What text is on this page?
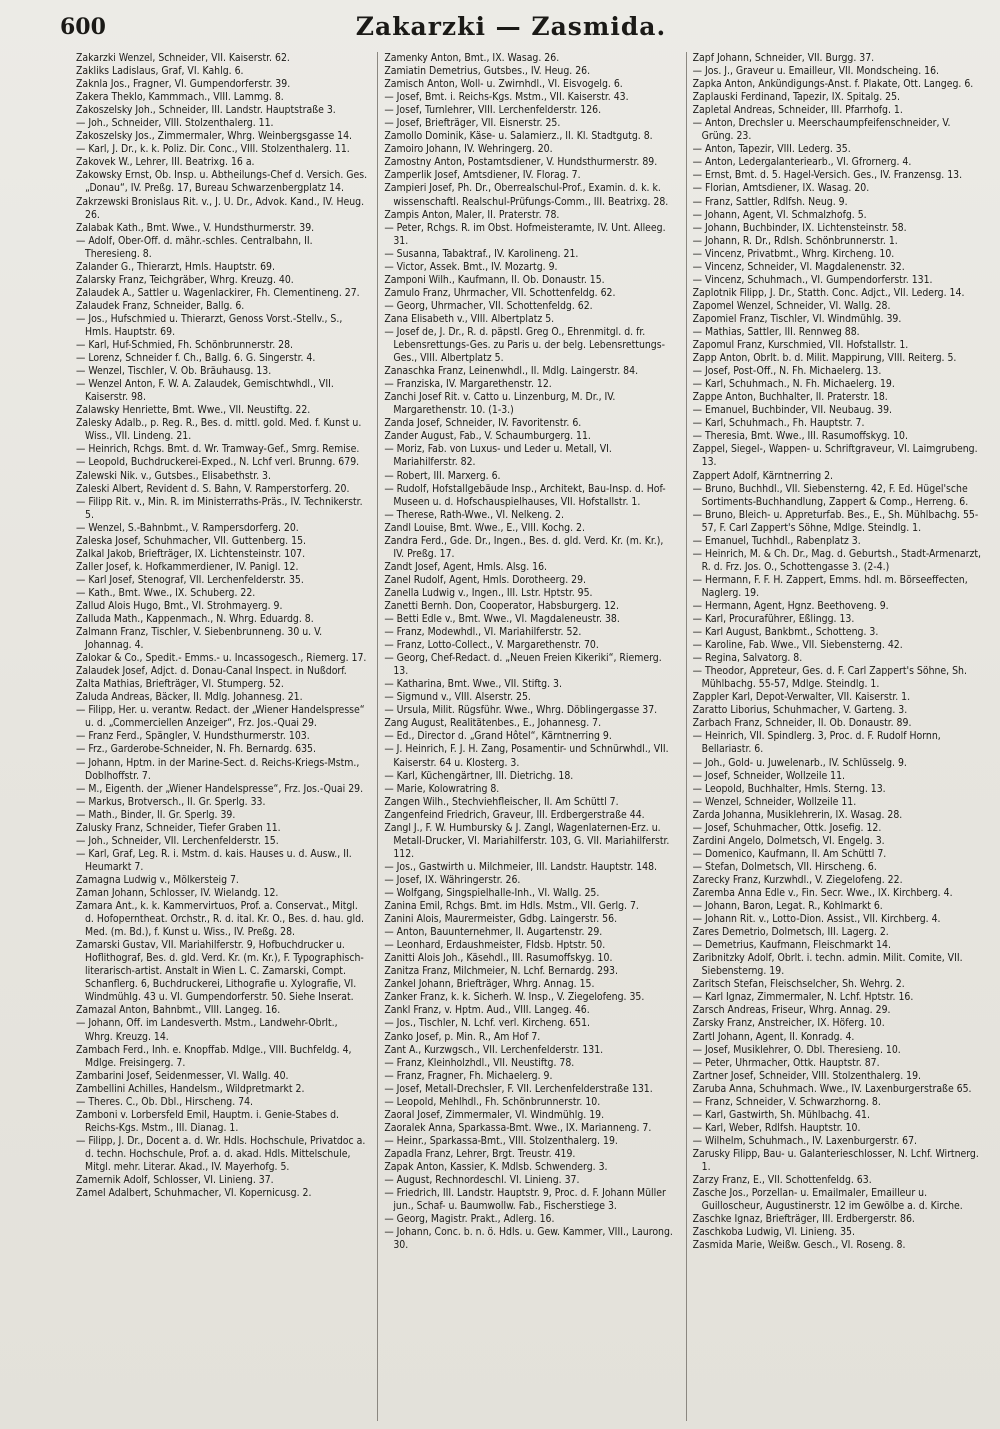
600	Zakarzki — Zasmida.

Zakarzki Wenzel, Schneider, VII. Kaiserstr. 62.

Zakliks Ladislaus, Graf, VI. Kahlg. 6.

Zaknla Jos., Fragner, VI. Gumpendorferstr. 39.

Zakera Theklo, Kammmach., VIII. Lammg. 8.

Zakoszelsky Joh., Schneider, III. Landstr. Hauptstraße 3.

— Joh., Schneider, VIII. Stolzenthalerg. 11.

Zakoszelsky Jos., Zimmermaler, Whrg. Weinbergsgasse 14.

— Karl, J. Dr., k. k. Poliz. Dir. Conc., VIII. Stolzenthalerg. 11.

Zakovek W., Lehrer, III. Beatrixg. 16 a.

Zakowsky Ernst, Ob. Insp. u. Abtheilungs-Chef d. Versich. Ges. „Donau“, IV. Preßg. 17, Bureau Schwarzenbergplatz 14.

Zakrzewski Bronislaus Rit. v., J. U. Dr., Advok. Kand., IV. Heug. 26.

Zalabak Kath., Bmt. Wwe., V. Hundsthurmerstr. 39.

— Adolf, Ober-Off. d. mähr.-schles. Centralbahn, II. Theresieng. 8.

Zalander G., Thierarzt, Hmls. Hauptstr. 69.

Zalarsky Franz, Teichgräber, Whrg. Kreuzg. 40.

Zalaudek A., Sattler u. Wagenlackirer, Fh. Clementineng. 27.

Zalaudek Franz, Schneider, Ballg. 6.

— Jos., Hufschmied u. Thierarzt, Genoss Vorst.-Stellv., S., Hmls. Hauptstr. 69.

— Karl, Huf-Schmied, Fh. Schönbrunnerstr. 28.

— Lorenz, Schneider f. Ch., Ballg. 6. G. Singerstr. 4.

— Wenzel, Tischler, V. Ob. Bräuhausg. 13.

— Wenzel Anton, F. W. A. Zalaudek, Gemischtwhdl., VII. Kaiserstr. 98.

Zalawsky Henriette, Bmt. Wwe., VII. Neustiftg. 22.

Zalesky Adalb., p. Reg. R., Bes. d. mittl. gold. Med. f. Kunst u. Wiss., VII. Lindeng. 21.

— Heinrich, Rchgs. Bmt. d. Wr. Tramway-Gef., Smrg. Remise.

— Leopold, Buchdruckerei-Exped., N. Lchf verl. Brunng. 679.

Zalewski Nik. v., Gutsbes., Elisabethstr. 3.

Zaleski Albert, Revident d. S. Bahn, V. Ramperstorferg. 20.

— Filipp Rit. v., Min. R. im Ministerraths-Präs., IV. Technikerstr. 5.

— Wenzel, S.-Bahnbmt., V. Rampersdorferg. 20.

Zaleska Josef, Schuhmacher, VII. Guttenberg. 15.

Zalkal Jakob, Briefträger, IX. Lichtensteinstr. 107.

Zaller Josef, k. Hofkammerdiener, IV. Panigl. 12.

— Karl Josef, Stenograf, VII. Lerchenfelderstr. 35.

— Kath., Bmt. Wwe., IX. Schuberg. 22.

Zallud Alois Hugo, Bmt., VI. Strohmayerg. 9.

Zalluda Math., Kappenmach., N. Whrg. Eduardg. 8.

Zalmann Franz, Tischler, V. Siebenbrunneng. 30 u. V. Johannag. 4.

Zalokar & Co., Spedit.- Emms.- u. Incassogesch., Riemerg. 17.

Zalaudek Josef, Adjct. d. Donau-Canal Inspect. in Nußdorf.

Zalta Mathias, Briefträger, VI. Stumperg. 52.

Zaluda Andreas, Bäcker, II. Mdlg. Johannesg. 21.

— Filipp, Her. u. verantw. Redact. der „Wiener Handelspresse“ u. d. „Commerciellen Anzeiger“, Frz. Jos.-Quai 29.

— Franz Ferd., Spängler, V. Hundsthurmerstr. 103.

— Frz., Garderobe-Schneider, N. Fh. Bernardg. 635.

— Johann, Hptm. in der Marine-Sect. d. Reichs-Kriegs-Mstm., Doblhoffstr. 7.

— M., Eigenth. der „Wiener Handelspresse“, Frz. Jos.-Quai 29.

— Markus, Brotversch., II. Gr. Sperlg. 33.

— Math., Binder, II. Gr. Sperlg. 39.

Zalusky Franz, Schneider, Tiefer Graben 11.

— Joh., Schneider, VII. Lerchenfelderstr. 15.

— Karl, Graf, Leg. R. i. Mstm. d. kais. Hauses u. d. Ausw., II. Heumarkt 7.

Zamagna Ludwig v., Mölkersteig 7.

Zaman Johann, Schlosser, IV. Wielandg. 12.

Zamara Ant., k. k. Kammervirtuos, Prof. a. Conservat., Mitgl. d. Hofoperntheat. Orchstr., R. d. ital. Kr. O., Bes. d. hau. gld. Med. (m. Bd.), f. Kunst u. Wiss., IV. Preßg. 28.

Zamarski Gustav, VII. Mariahilferstr. 9, Hofbuchdrucker u. Hoflithograf, Bes. d. gld. Verd. Kr. (m. Kr.), F. Typographisch-literarisch-artist. Anstalt in Wien L. C. Zamarski, Compt. Schanflerg. 6, Buchdruckerei, Lithografie u. Xylografie, VI. Windmühlg. 43 u. VI. Gumpendorferstr. 50. Siehe Inserat.

Zamazal Anton, Bahnbmt., VIII. Langeg. 16.

— Johann, Off. im Landesverth. Mstm., Landwehr-Obrlt., Whrg. Kreuzg. 14.

Zambach Ferd., Inh. e. Knopffab. Mdlge., VIII. Buchfeldg. 4, Mdlge. Freisingerg. 7.

Zambarini Josef, Seidenmesser, VI. Wallg. 40.

Zambellini Achilles, Handelsm., Wildpretmarkt 2.

— Theres. C., Ob. Dbl., Hirscheng. 74.

Zamboni v. Lorbersfeld Emil, Hauptm. i. Genie-Stabes d. Reichs-Kgs. Mstm., III. Dianag. 1.

— Filipp, J. Dr., Docent a. d. Wr. Hdls. Hochschule, Privatdoc a. d. techn. Hochschule, Prof. a. d. akad. Hdls. Mittelschule, Mitgl. mehr. Literar. Akad., IV. Mayerhofg. 5.

Zamernik Adolf, Schlosser, VI. Linieng. 37.

Zamel Adalbert, Schuhmacher, VI. Kopernicusg. 2.

Zamenky Anton, Bmt., IX. Wasag. 26.

Zamiatin Demetrius, Gutsbes., IV. Heug. 26.

Zamisch Anton, Woll- u. Zwirnhdl., VI. Eisvogelg. 6.

— Josef, Bmt. i. Reichs-Kgs. Mstm., VII. Kaiserstr. 43.

— Josef, Turnlehrer, VIII. Lerchenfelderstr. 126.

— Josef, Briefträger, VII. Eisnerstr. 25.

Zamollo Dominik, Käse- u. Salamierz., II. Kl. Stadtgutg. 8.

Zamoiro Johann, IV. Wehringerg. 20.

Zamostny Anton, Postamtsdiener, V. Hundsthurmerstr. 89.

Zamperlik Josef, Amtsdiener, IV. Florag. 7.

Zampieri Josef, Ph. Dr., Oberrealschul-Prof., Examin. d. k. k. wissenschaftl. Realschul-Prüfungs-Comm., III. Beatrixg. 28.

Zampis Anton, Maler, II. Praterstr. 78.

— Peter, Rchgs. R. im Obst. Hofmeisteramte, IV. Unt. Alleeg. 31.

— Susanna, Tabaktraf., IV. Karolineng. 21.

— Victor, Assek. Bmt., IV. Mozartg. 9.

Zamponi Wilh., Kaufmann, II. Ob. Donaustr. 15.

Zamulo Franz, Uhrmacher, VII. Schottenfeldg. 62.

— Georg, Uhrmacher, VII. Schottenfeldg. 62.

Zana Elisabeth v., VIII. Albertplatz 5.

— Josef de, J. Dr., R. d. päpstl. Greg O., Ehrenmitgl. d. fr. Lebensrettungs-Ges. zu Paris u. der belg. Lebensrettungs-Ges., VIII. Albertplatz 5.

Zanaschka Franz, Leinenwhdl., II. Mdlg. Laingerstr. 84.

— Franziska, IV. Margarethenstr. 12.

Zanchi Josef Rit. v. Catto u. Linzenburg, M. Dr., IV. Margarethenstr. 10. (1-3.)

Zanda Josef, Schneider, IV. Favoritenstr. 6.

Zander August, Fab., V. Schaumburgerg. 11.

— Moriz, Fab. von Luxus- und Leder u. Metall, VI. Mariahilferstr. 82.

— Robert, III. Marxerg. 6.

— Rudolf, Hofstallgebäude Insp., Architekt, Bau-Insp. d. Hof-Museen u. d. Hofschauspielhauses, VII. Hofstallstr. 1.

— Therese, Rath-Wwe., VI. Nelkeng. 2.

Zandl Louise, Bmt. Wwe., E., VIII. Kochg. 2.

Zandra Ferd., Gde. Dr., Ingen., Bes. d. gld. Verd. Kr. (m. Kr.), IV. Preßg. 17.

Zandt Josef, Agent, Hmls. Alsg. 16.

Zanel Rudolf, Agent, Hmls. Dorotheerg. 29.

Zanella Ludwig v., Ingen., III. Lstr. Hptstr. 95.

Zanetti Bernh. Don, Cooperator, Habsburgerg. 12.

— Betti Edle v., Bmt. Wwe., VI. Magdaleneustr. 38.

— Franz, Modewhdl., VI. Mariahilferstr. 52.

— Franz, Lotto-Collect., V. Margarethenstr. 70.

— Georg, Chef-Redact. d. „Neuen Freien Kikeriki“, Riemerg. 13.

— Katharina, Bmt. Wwe., VII. Stiftg. 3.

— Sigmund v., VIII. Alserstr. 25.

— Ursula, Milit. Rügsführ. Wwe., Whrg. Döblingergasse 37.

Zang August, Realitätenbes., E., Johannesg. 7.

— Ed., Director d. „Grand Hôtel“, Kärntnerring 9.

— J. Heinrich, F. J. H. Zang, Posamentir- und Schnürwhdl., VII. Kaiserstr. 64 u. Klosterg. 3.

— Karl, Küchengärtner, III. Dietrichg. 18.

— Marie, Kolowratring 8.

Zangen Wilh., Stechviehfleischer, II. Am Schüttl 7.

Zangenfeind Friedrich, Graveur, III. Erdbergerstraße 44.

Zangl J., F. W. Humbursky & J. Zangl, Wagenlaternen-Erz. u. Metall-Drucker, VI. Mariahilferstr. 103, G. VII. Mariahilferstr. 112.

— Jos., Gastwirth u. Milchmeier, III. Landstr. Hauptstr. 148.

— Josef, IX. Währingerstr. 26.

— Wolfgang, Singspielhalle-Inh., VI. Wallg. 25.

Zanina Emil, Rchgs. Bmt. im Hdls. Mstm., VII. Gerlg. 7.

Zanini Alois, Maurermeister, Gdbg. Laingerstr. 56.

— Anton, Bauunternehmer, II. Augartenstr. 29.

— Leonhard, Erdaushmeister, Fldsb. Hptstr. 50.

Zanitti Alois Joh., Käsehdl., III. Rasumoffskyg. 10.

Zanitza Franz, Milchmeier, N. Lchf. Bernardg. 293.

Zankel Johann, Briefträger, Whrg. Annag. 15.

Zanker Franz, k. k. Sicherh. W. Insp., V. Ziegelofeng. 35.

Zankl Franz, v. Hptm. Aud., VIII. Langeg. 46.

— Jos., Tischler, N. Lchf. verl. Kircheng. 651.

Zanko Josef, p. Min. R., Am Hof 7.

Zant A., Kurzwgsch., VII. Lerchenfelderstr. 131.

— Franz, Kleinholzhdl., VII. Neustiftg. 78.

— Franz, Fragner, Fh. Michaelerg. 9.

— Josef, Metall-Drechsler, F. VII. Lerchenfelderstraße 131.

— Leopold, Mehlhdl., Fh. Schönbrunnerstr. 10.

Zaoral Josef, Zimmermaler, VI. Windmühlg. 19.

Zaoralek Anna, Sparkassa-Bmt. Wwe., IX. Marianneng. 7.

— Heinr., Sparkassa-Bmt., VIII. Stolzenthalerg. 19.

Zapadla Franz, Lehrer, Brgt. Treustr. 419.

Zapak Anton, Kassier, K. Mdlsb. Schwenderg. 3.

— August, Rechnordeschl. VI. Linieng. 37.

— Friedrich, III. Landstr. Hauptstr. 9, Proc. d. F. Johann Müller jun., Schaf- u. Baumwollw. Fab., Fischerstiege 3.

— Georg, Magistr. Prakt., Adlerg. 16.

— Johann, Conc. b. n. ö. Hdls. u. Gew. Kammer, VIII., Laurong. 30.

Zapf Johann, Schneider, VII. Burgg. 37.

— Jos. J., Graveur u. Emailleur, VII. Mondscheing. 16.

Zapka Anton, Ankündigungs-Anst. f. Plakate, Ott. Langeg. 6.

Zaplauski Ferdinand, Tapezir, IX. Spitalg. 25.

Zapletal Andreas, Schneider, III. Pfarrhofg. 1.

— Anton, Drechsler u. Meerschaumpfeifenschneider, V. Grüng. 23.

— Anton, Tapezir, VIII. Lederg. 35.

— Anton, Ledergalanteriearb., VI. Gfrornerg. 4.

— Ernst, Bmt. d. 5. Hagel-Versich. Ges., IV. Franzensg. 13.

— Florian, Amtsdiener, IX. Wasag. 20.

— Franz, Sattler, Rdlfsh. Neug. 9.

— Johann, Agent, VI. Schmalzhofg. 5.

— Johann, Buchbinder, IX. Lichtensteinstr. 58.

— Johann, R. Dr., Rdlsh. Schönbrunnerstr. 1.

— Vincenz, Privatbmt., Whrg. Kircheng. 10.

— Vincenz, Schneider, VI. Magdalenenstr. 32.

— Vincenz, Schuhmach., VI. Gumpendorferstr. 131.

Zaplotnik Filipp, J. Dr., Statth. Conc. Adjct., VII. Lederg. 14.

Zapomel Wenzel, Schneider, VI. Wallg. 28.

Zapomiel Franz, Tischler, VI. Windmühlg. 39.

— Mathias, Sattler, III. Rennweg 88.

Zapomul Franz, Kurschmied, VII. Hofstallstr. 1.

Zapp Anton, Obrlt. b. d. Milit. Mappirung, VIII. Reiterg. 5.

— Josef, Post-Off., N. Fh. Michaelerg. 13.

— Karl, Schuhmach., N. Fh. Michaelerg. 19.

Zappe Anton, Buchhalter, II. Praterstr. 18.

— Emanuel, Buchbinder, VII. Neubaug. 39.

— Karl, Schuhmach., Fh. Hauptstr. 7.

— Theresia, Bmt. Wwe., III. Rasumoffskyg. 10.

Zappel, Siegel-, Wappen- u. Schriftgraveur, VI. Laimgrubeng. 13.

Zappert Adolf, Kärntnerring 2.

— Bruno, Buchhdl., VII. Siebensterng. 42, F. Ed. Hügel'sche Sortiments-Buchhandlung, Zappert & Comp., Herreng. 6.

— Bruno, Bleich- u. Appreturfab. Bes., E., Sh. Mühlbachg. 55-57, F. Carl Zappert's Söhne, Mdlge. Steindlg. 1.

— Emanuel, Tuchhdl., Rabenplatz 3.

— Heinrich, M. & Ch. Dr., Mag. d. Geburtsh., Stadt-Armenarzt, R. d. Frz. Jos. O., Schottengasse 3. (2-4.)

— Hermann, F. F. H. Zappert, Emms. hdl. m. Börseeffecten, Naglerg. 19.

— Hermann, Agent, Hgnz. Beethoveng. 9.

— Karl, Procuraführer, Eßlingg. 13.

— Karl August, Bankbmt., Schotteng. 3.

— Karoline, Fab. Wwe., VII. Siebensterng. 42.

— Regina, Salvatorg. 8.

— Theodor, Appreteur, Ges. d. F. Carl Zappert's Söhne, Sh. Mühlbachg. 55-57, Mdlge. Steindlg. 1.

Zappler Karl, Depot-Verwalter, VII. Kaiserstr. 1.

Zaratto Liborius, Schuhmacher, V. Garteng. 3.

Zarbach Franz, Schneider, II. Ob. Donaustr. 89.

— Heinrich, VII. Spindlerg. 3, Proc. d. F. Rudolf Hornn, Bellariastr. 6.

— Joh., Gold- u. Juwelenarb., IV. Schlüsselg. 9.

— Josef, Schneider, Wollzeile 11.

— Leopold, Buchhalter, Hmls. Sterng. 13.

— Wenzel, Schneider, Wollzeile 11.

Zarda Johanna, Musiklehrerin, IX. Wasag. 28.

— Josef, Schuhmacher, Ottk. Josefig. 12.

Zardini Angelo, Dolmetsch, VI. Engelg. 3.

— Domenico, Kaufmann, II. Am Schüttl 7.

— Stefan, Dolmetsch, VII. Hirscheng. 6.

Zarecky Franz, Kurzwhdl., V. Ziegelofeng. 22.

Zaremba Anna Edle v., Fin. Secr. Wwe., IX. Kirchberg. 4.

— Johann, Baron, Legat. R., Kohlmarkt 6.

— Johann Rit. v., Lotto-Dion. Assist., VII. Kirchberg. 4.

Zares Demetrio, Dolmetsch, III. Lagerg. 2.

— Demetrius, Kaufmann, Fleischmarkt 14.

Zaribnitzky Adolf, Obrlt. i. techn. admin. Milit. Comite, VII. Siebensterng. 19.

Zaritsch Stefan, Fleischselcher, Sh. Wehrg. 2.

— Karl Ignaz, Zimmermaler, N. Lchf. Hptstr. 16.

Zarsch Andreas, Friseur, Whrg. Annag. 29.

Zarsky Franz, Anstreicher, IX. Höferg. 10.

Zartl Johann, Agent, II. Konradg. 4.

— Josef, Musiklehrer, O. Dbl. Theresieng. 10.

— Peter, Uhrmacher, Ottk. Hauptstr. 87.

Zartner Josef, Schneider, VIII. Stolzenthalerg. 19.

Zaruba Anna, Schuhmach. Wwe., IV. Laxenburgerstraße 65.

— Franz, Schneider, V. Schwarzhorng. 8.

— Karl, Gastwirth, Sh. Mühlbachg. 41.

— Karl, Weber, Rdlfsh. Hauptstr. 10.

— Wilhelm, Schuhmach., IV. Laxenburgerstr. 67.

Zarusky Filipp, Bau- u. Galanterieschlosser, N. Lchf. Wirtnerg. 1.

Zarzy Franz, E., VII. Schottenfeldg. 63.

Zasche Jos., Porzellan- u. Emailmaler, Emailleur u. Guilloscheur, Augustinerstr. 12 im Gewölbe a. d. Kirche.

Zaschke Ignaz, Briefträger, III. Erdbergerstr. 86.

Zaschkoba Ludwig, VI. Linieng. 35.

Zasmida Marie, Weißw. Gesch., VI. Roseng. 8.
